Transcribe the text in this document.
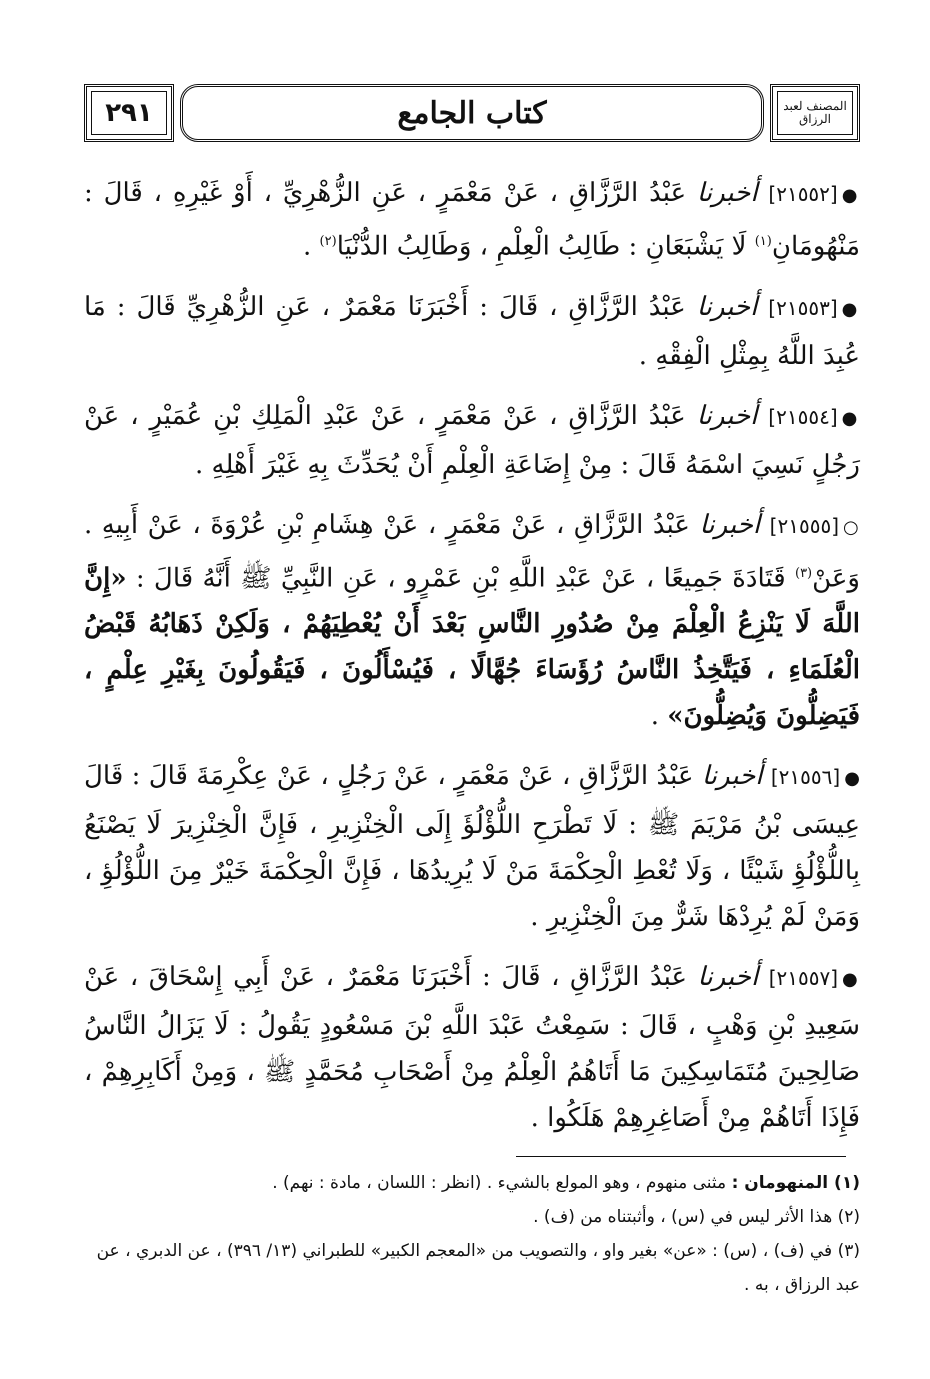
٢٩١	كتاب الجامع	المصنف لعبد الرزاق

●[٢١٥٥٢] أخبرنا عَبْدُ الرَّزَّاقِ ، عَنْ مَعْمَرٍ ، عَنِ الزُّهْرِيِّ ، أَوْ غَيْرِهِ ، قَالَ : مَنْهُومَانِ$^{(١)}$ لَا يَشْبَعَانِ : طَالِبُ الْعِلْمِ ، وَطَالِبُ الدُّنْيَا$^{(٢)}$ .

●[٢١٥٥٣] أخبرنا عَبْدُ الرَّزَّاقِ ، قَالَ : أَخْبَرَنَا مَعْمَرٌ ، عَنِ الزُّهْرِيِّ قَالَ : مَا عُبِدَ اللَّهُ بِمِثْلِ الْفِقْهِ .

●[٢١٥٥٤] أخبرنا عَبْدُ الرَّزَّاقِ ، عَنْ مَعْمَرٍ ، عَنْ عَبْدِ الْمَلِكِ بْنِ عُمَيْرٍ ، عَنْ رَجُلٍ نَسِيَ اسْمَهُ قَالَ : مِنْ إِضَاعَةِ الْعِلْمِ أَنْ يُحَدِّثَ بِهِ غَيْرَ أَهْلِهِ .

○[٢١٥٥٥] أخبرنا عَبْدُ الرَّزَّاقِ ، عَنْ مَعْمَرٍ ، عَنْ هِشَامِ بْنِ عُرْوَةَ ، عَنْ أَبِيهِ . وَعَنْ$^{(٣)}$ قَتَادَةَ جَمِيعًا ، عَنْ عَبْدِ اللَّهِ بْنِ عَمْرٍو ، عَنِ النَّبِيِّ ﷺ أَنَّهُ قَالَ : «إِنَّ اللَّهَ لَا يَنْزِعُ الْعِلْمَ مِنْ صُدُورِ النَّاسِ بَعْدَ أَنْ يُعْطِيَهُمْ ، وَلَكِنْ ذَهَابُهُ قَبْضُ الْعُلَمَاءِ ، فَيَتَّخِذُ النَّاسُ رُؤَسَاءَ جُهَّالًا ، فَيُسْأَلُونَ ، فَيَقُولُونَ بِغَيْرِ عِلْمٍ ، فَيَضِلُّونَ وَيُضِلُّونَ» .

●[٢١٥٥٦] أخبرنا عَبْدُ الرَّزَّاقِ ، عَنْ مَعْمَرٍ ، عَنْ رَجُلٍ ، عَنْ عِكْرِمَةَ قَالَ : قَالَ عِيسَى بْنُ مَرْيَمَ ﷺ : لَا تَطْرَحِ اللُّؤْلُؤَ إِلَى الْخِنْزِيرِ ، فَإِنَّ الْخِنْزِيرَ لَا يَصْنَعُ بِاللُّؤْلُؤِ شَيْئًا ، وَلَا تُعْطِ الْحِكْمَةَ مَنْ لَا يُرِيدُهَا ، فَإِنَّ الْحِكْمَةَ خَيْرٌ مِنَ اللُّؤْلُؤِ ، وَمَنْ لَمْ يُرِدْهَا شَرٌّ مِنَ الْخِنْزِيرِ .

●[٢١٥٥٧] أخبرنا عَبْدُ الرَّزَّاقِ ، قَالَ : أَخْبَرَنَا مَعْمَرٌ ، عَنْ أَبِي إِسْحَاقَ ، عَنْ سَعِيدِ بْنِ وَهْبٍ ، قَالَ : سَمِعْتُ عَبْدَ اللَّهِ بْنَ مَسْعُودٍ يَقُولُ : لَا يَزَالُ النَّاسُ صَالِحِينَ مُتَمَاسِكِينَ مَا أَتَاهُمُ الْعِلْمُ مِنْ أَصْحَابِ مُحَمَّدٍ ﷺ ، وَمِنْ أَكَابِرِهِمْ ، فَإِذَا أَتَاهُمْ مِنْ أَصَاغِرِهِمْ هَلَكُوا .

(١) المنهومان : مثنى منهوم ، وهو المولع بالشيء . (انظر : اللسان ، مادة : نهم) .

(٢) هذا الأثر ليس في (س) ، وأثبتناه من (ف) .

(٣) في (ف) ، (س) : «عن» بغير واو ، والتصويب من «المعجم الكبير» للطبراني (١٣/ ٣٩٦) ، عن الدبري ، عن عبد الرزاق ، به .
